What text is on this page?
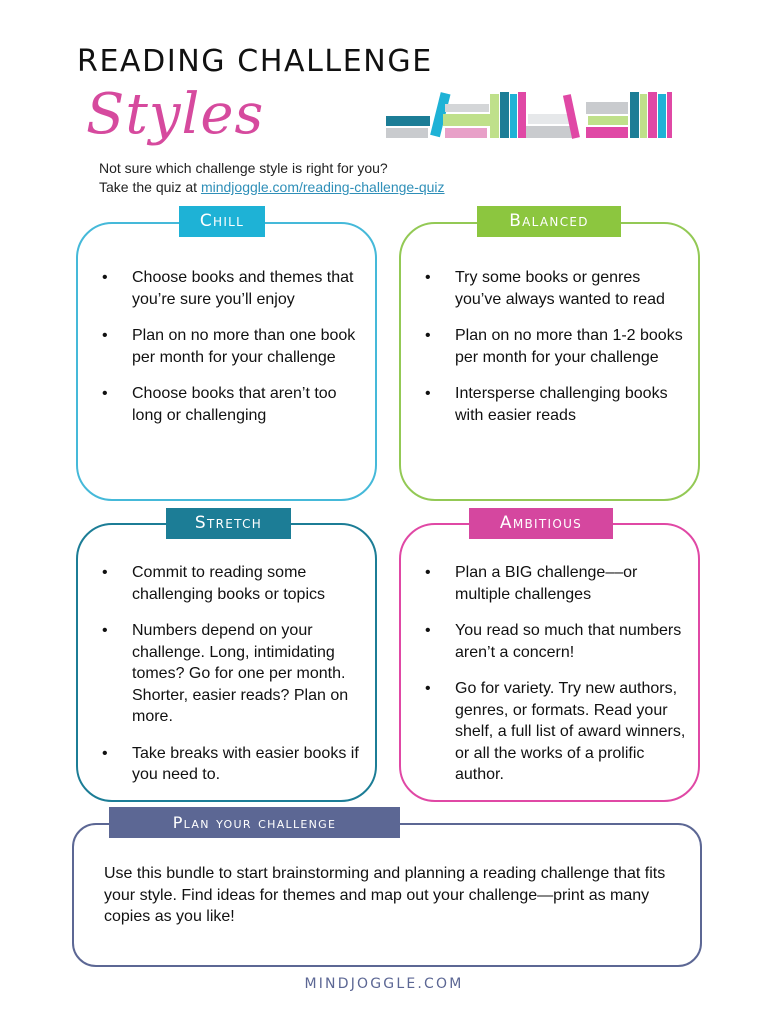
READING CHALLENGE
Styles
Not sure which challenge style is right for you?
Take the quiz at mindjoggle.com/reading-challenge-quiz
• Choose books and themes that you’re sure you’ll enjoy
• Plan on no more than one book per month for your challenge
• Choose books that aren’t too long or challenging
Chill
• Try some books or genres you’ve always wanted to read
• Plan on no more than 1-2 books per month for your challenge
• Intersperse challenging books with easier reads
Balanced
• Commit to reading some challenging books or topics
• Numbers depend on your challenge. Long, intimidating tomes? Go for one per month. Shorter, easier reads? Plan on more.
• Take breaks with easier books if you need to.
Stretch
• Plan a BIG challenge––or multiple challenges
• You read so much that numbers aren’t a concern!
• Go for variety. Try new authors, genres, or formats. Read your shelf, a full list of award winners, or all the works of a prolific author.
Ambitious
Use this bundle to start brainstorming and planning a reading challenge that fits your style. Find ideas for themes and map out your challenge—print as many copies as you like!
Plan your challenge
MINDJOGGLE.COM
